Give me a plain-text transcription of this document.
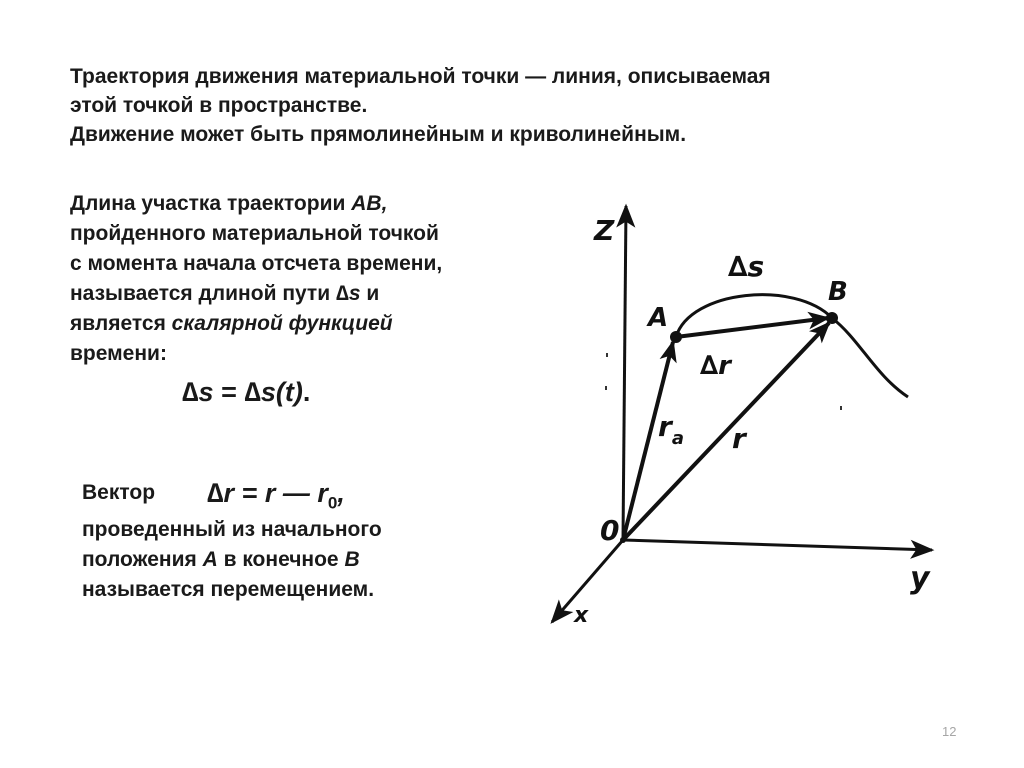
Траектория движения материальной точки — линия, описываемая
этой точкой в пространстве.
Движение может быть прямолинейным и криволинейным.
Длина участка траектории АВ,
пройденного материальной точкой
с момента начала отсчета времени,
называется длиной пути ∆s и
является скалярной функцией
времени:
∆s = ∆s(t).
Вектор ∆r = r — $r_0$,
проведенный из начального
положения А в конечное В
называется перемещением.
Z
y
x
0
A
B
∆s
∆r
$r_a$ r
12
